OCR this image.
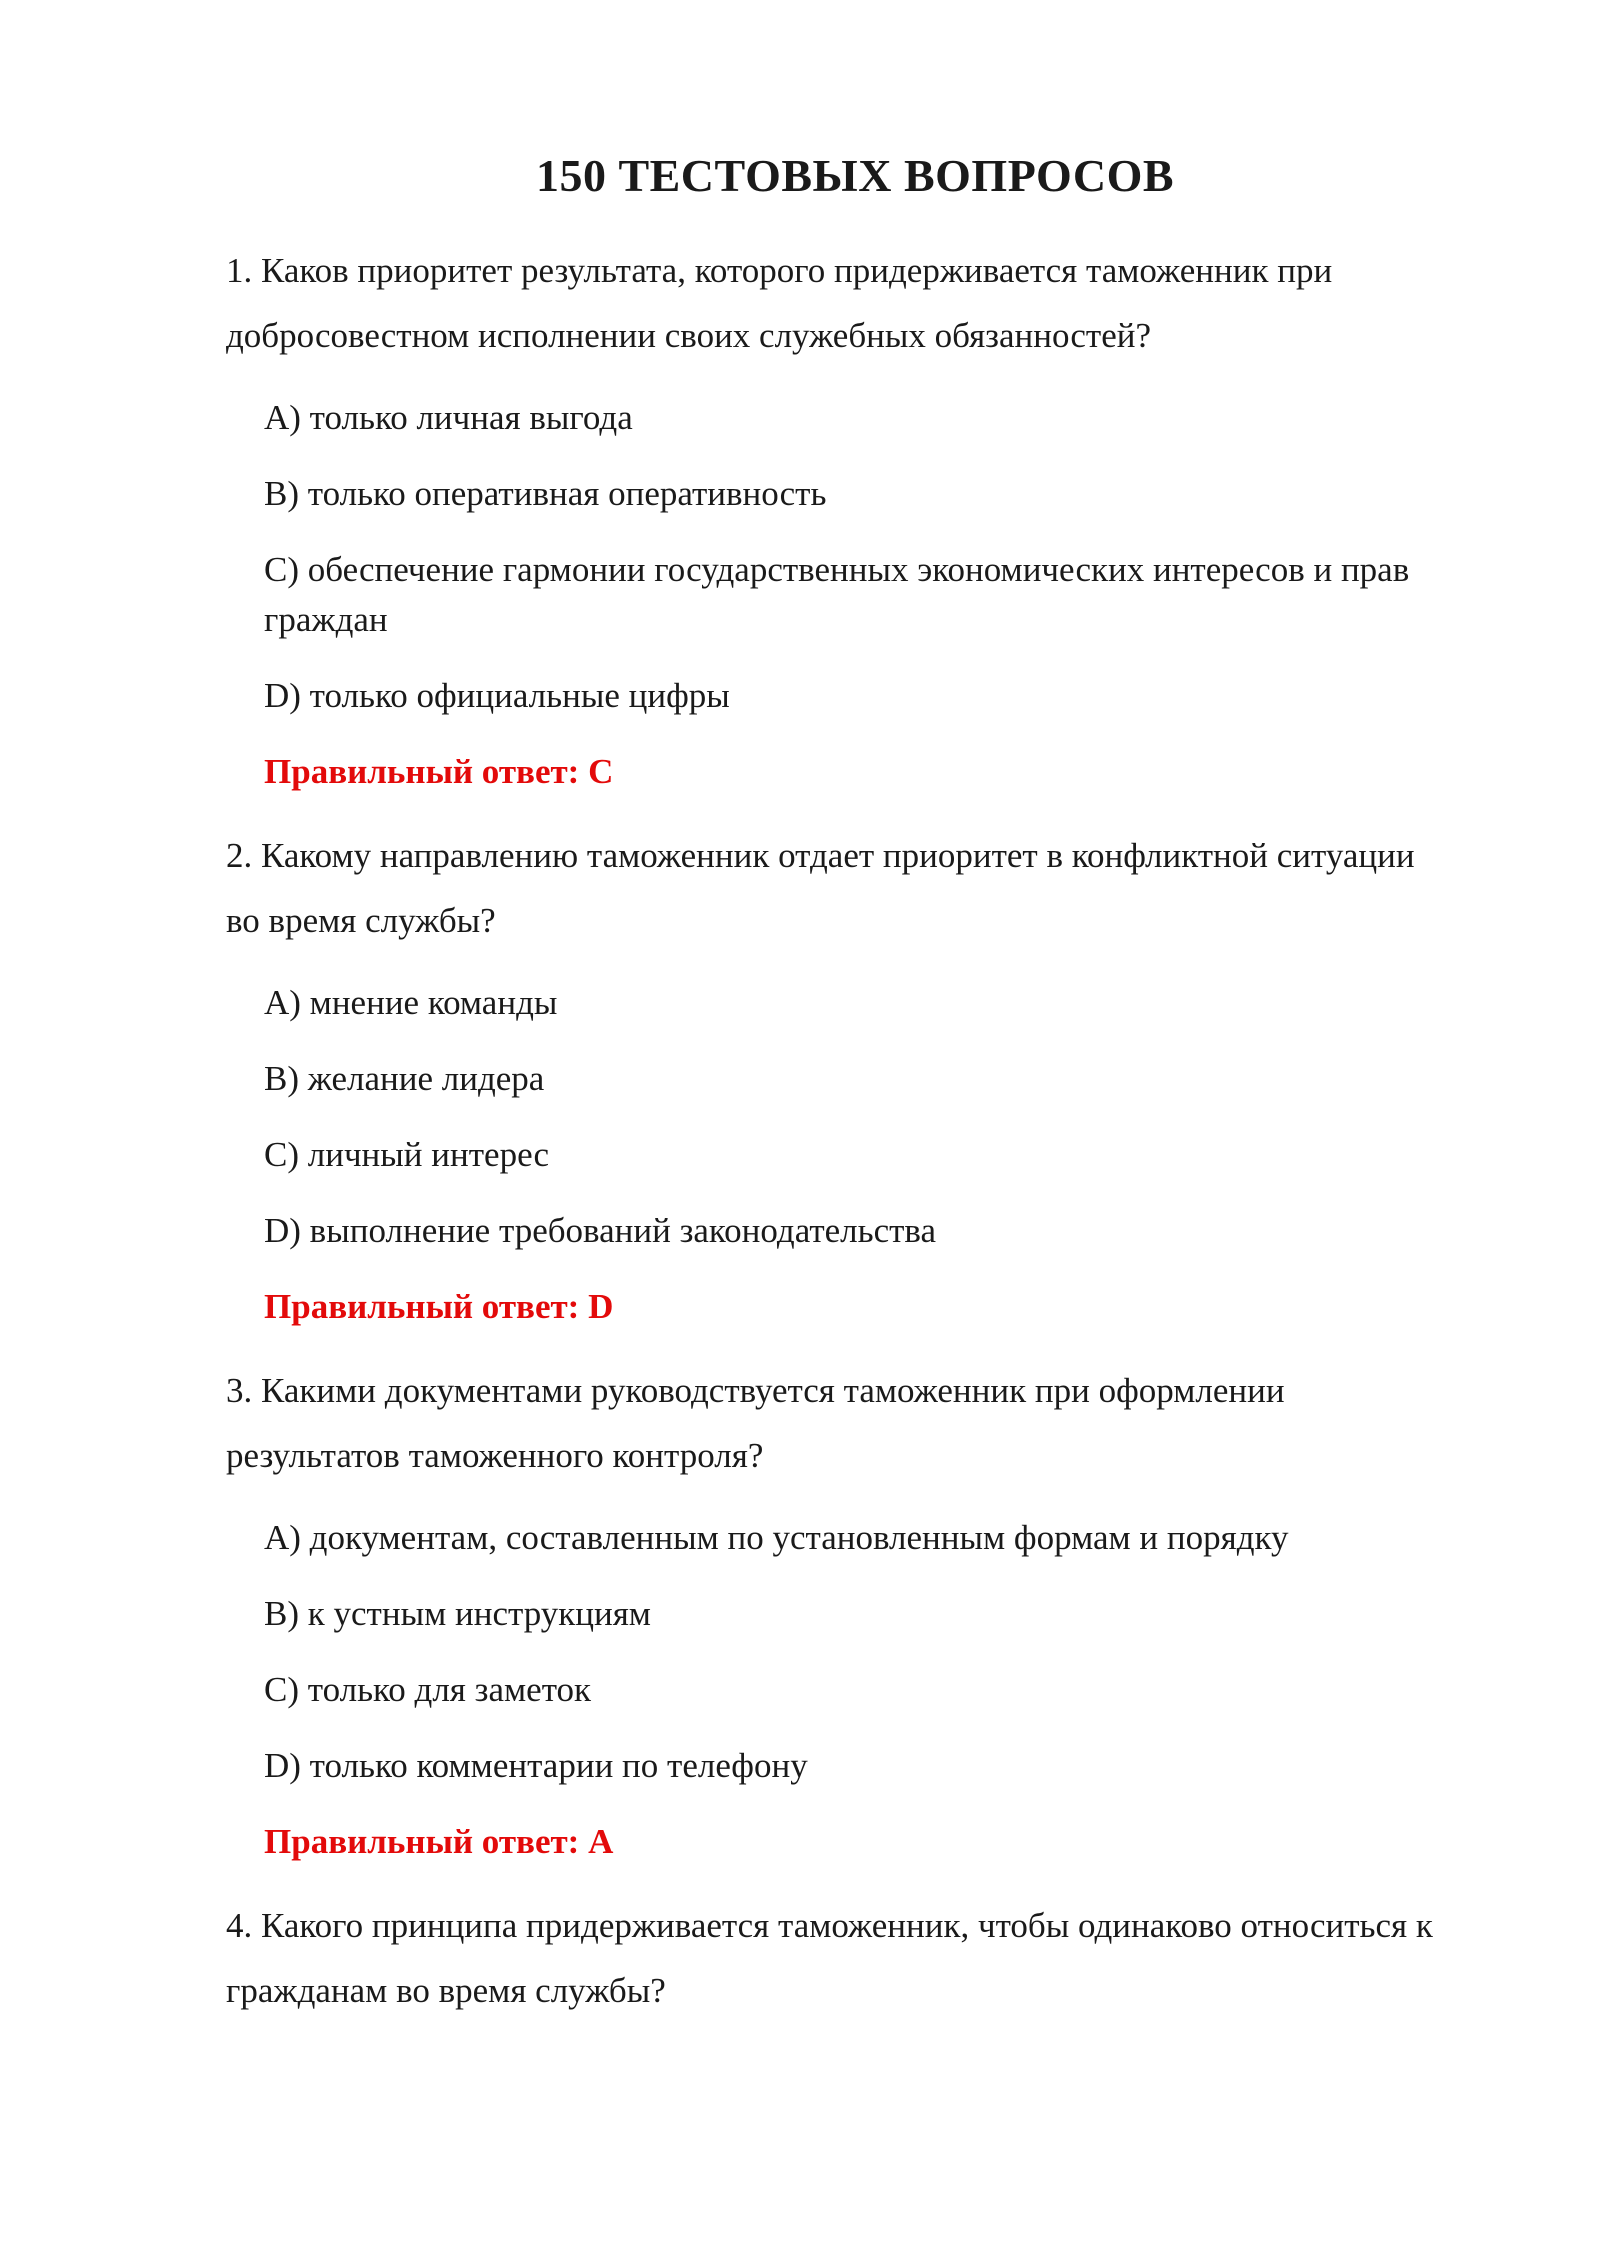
150 ТЕСТОВЫХ ВОПРОСОВ

1. Каков приоритет результата, которого придерживается таможенник при добросовестном исполнении своих служебных обязанностей?

A) только личная выгода

B) только оперативная оперативность

C) обеспечение гармонии государственных экономических интересов и прав граждан

D) только официальные цифры

Правильный ответ: C

2. Какому направлению таможенник отдает приоритет в конфликтной ситуации во время службы?

A) мнение команды

B) желание лидера

C) личный интерес

D) выполнение требований законодательства

Правильный ответ: D

3. Какими документами руководствуется таможенник при оформлении результатов таможенного контроля?

A) документам, составленным по установленным формам и порядку

B) к устным инструкциям

C) только для заметок

D) только комментарии по телефону

Правильный ответ: A

4. Какого принципа придерживается таможенник, чтобы одинаково относиться к гражданам во время службы?
